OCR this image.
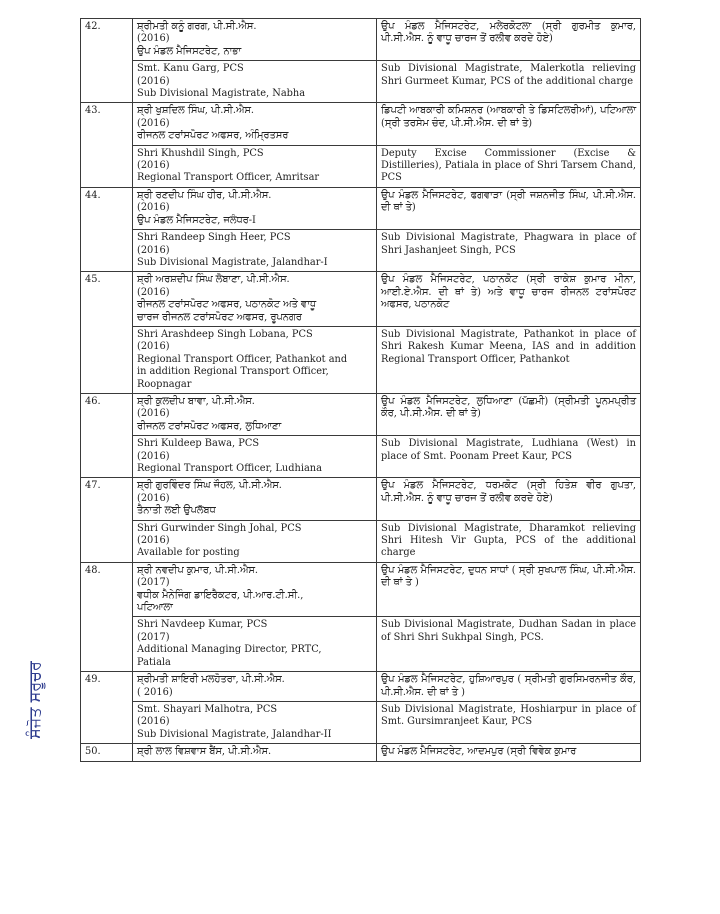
42.	ਸ਼੍ਰੀਮਤੀ ਕਨੂੰ ਗਰਗ, ਪੀ.ਸੀ.ਐਸ.
(2016)
ਉਪ ਮੰਡਲ ਮੈਜਿਸਟਰੇਟ, ਨਾਭਾ	ਉਪ ਮੰਡਲ ਮੈਜਿਸਟਰੇਟ, ਮਲੇਰਕੋਟਲਾ (ਸ੍ਰੀ ਗੁਰਮੀਤ ਕੁਮਾਰ, ਪੀ.ਸੀ.ਐਸ. ਨੂੰ ਵਾਧੂ ਚਾਰਜ ਤੋਂ ਰਲੀਵ ਕਰਦੇ ਹੋਏ)

	Smt. Kanu Garg, PCS
(2016)
Sub Divisional Magistrate, Nabha	Sub Divisional Magistrate, Malerkotla relieving Shri Gurmeet Kumar, PCS of the additional charge
43.	ਸ਼੍ਰੀ ਖੁਸ਼ਦਿਲ ਸਿੰਘ, ਪੀ.ਸੀ.ਐਸ.
(2016)
ਰੀਜਨਲ ਟਰਾਂਸਪੋਰਟ ਅਫਸਰ, ਅੰਮ੍ਰਿਤਸਰ	ਡਿਪਟੀ ਆਬਕਾਰੀ ਕਮਿਸ਼ਨਰ (ਆਬਕਾਰੀ ਤੇ ਡਿਸਟਿਲਰੀਆਂ), ਪਟਿਆਲਾ (ਸ੍ਰੀ ਤਰਸੇਮ ਚੰਦ, ਪੀ.ਸੀ.ਐਸ. ਦੀ ਥਾਂ ਤੇ)

	Shri Khushdil Singh, PCS
(2016)
Regional Transport Officer, Amritsar	Deputy Excise Commissioner (Excise & Distilleries), Patiala in place of Shri Tarsem Chand, PCS
44.	ਸ਼੍ਰੀ ਰਣਦੀਪ ਸਿੰਘ ਹੀਰ, ਪੀ.ਸੀ.ਐਸ.
(2016)
ਉਪ ਮੰਡਲ ਮੈਜਿਸਟਰੇਟ, ਜਲੰਧਰ-I	ਉਪ ਮੰਡਲ ਮੈਜਿਸਟਰੇਟ, ਫਗਵਾੜਾ (ਸ੍ਰੀ ਜਸ਼ਨਜੀਤ ਸਿੰਘ, ਪੀ.ਸੀ.ਐਸ. ਦੀ ਥਾਂ ਤੇ)

	Shri Randeep Singh Heer, PCS
(2016)
Sub Divisional Magistrate, Jalandhar-I	Sub Divisional Magistrate, Phagwara in place of Shri Jashanjeet Singh, PCS
45.	ਸ਼੍ਰੀ ਅਰਸ਼ਦੀਪ ਸਿੰਘ ਲੋਬਾਣਾ, ਪੀ.ਸੀ.ਐਸ.
(2016)
ਰੀਜਨਲ ਟਰਾਂਸਪੋਰਟ ਅਫਸਰ, ਪਠਾਨਕੋਟ ਅਤੇ ਵਾਧੂ
ਚਾਰਜ ਰੀਜਨਲ ਟਰਾਂਸਪੋਰਟ ਅਫਸਰ, ਰੂਪਨਗਰ	ਉਪ ਮੰਡਲ ਮੈਜਿਸਟਰੇਟ, ਪਠਾਨਕੋਟ (ਸ੍ਰੀ ਰਾਕੇਸ਼ ਕੁਮਾਰ ਮੀਨਾ, ਆਈ.ਏ.ਐਸ. ਦੀ ਥਾਂ ਤੇ) ਅਤੇ ਵਾਧੂ ਚਾਰਜ ਰੀਜਨਲ ਟਰਾਂਸਪੋਰਟ ਅਫਸਰ, ਪਠਾਨਕੋਟ

	Shri Arashdeep Singh Lobana, PCS
(2016)
Regional Transport Officer, Pathankot and
in addition Regional Transport Officer,
Roopnagar	Sub Divisional Magistrate, Pathankot in place of Shri Rakesh Kumar Meena, IAS and in addition Regional Transport Officer, Pathankot
46.	ਸ਼੍ਰੀ ਕੁਲਦੀਪ ਬਾਵਾ, ਪੀ.ਸੀ.ਐਸ.
(2016)
ਰੀਜਨਲ ਟਰਾਂਸਪੋਰਟ ਅਫਸਰ, ਲੁਧਿਆਣਾ	ਉਪ ਮੰਡਲ ਮੈਜਿਸਟਰੇਟ, ਲੁਧਿਆਣਾ (ਪੱਛਮੀ) (ਸ੍ਰੀਮਤੀ ਪੂਨਮਪ੍ਰੀਤ ਕੌਰ, ਪੀ.ਸੀ.ਐਸ. ਦੀ ਥਾਂ ਤੇ)

	Shri Kuldeep Bawa, PCS
(2016)
Regional Transport Officer, Ludhiana	Sub Divisional Magistrate, Ludhiana (West) in place of Smt. Poonam Preet Kaur, PCS
47.	ਸ਼੍ਰੀ ਗੁਰਵਿੰਦਰ ਸਿੰਘ ਜੌਹਲ, ਪੀ.ਸੀ.ਐਸ.
(2016)
ਤੈਨਾਤੀ ਲਈ ਉਪਲੱਬਧ	ਉਪ ਮੰਡਲ ਮੈਜਿਸਟਰੇਟ, ਧਰਮਕੋਟ (ਸ੍ਰੀ ਹਿਤੇਸ਼ ਵੀਰ ਗੁਪਤਾ, ਪੀ.ਸੀ.ਐਸ. ਨੂੰ ਵਾਧੂ ਚਾਰਜ ਤੋਂ ਰਲੀਵ ਕਰਦੇ ਹੋਏ)

	Shri Gurwinder Singh Johal, PCS
(2016)
Available for posting	Sub Divisional Magistrate, Dharamkot relieving Shri Hitesh Vir Gupta, PCS of the additional charge
48.	ਸ਼੍ਰੀ ਨਵਦੀਪ ਕੁਮਾਰ, ਪੀ.ਸੀ.ਐਸ.
(2017)
ਵਧੀਕ ਮੈਨੇਜਿੰਗ ਡਾਇਰੈਕਟਰ, ਪੀ.ਆਰ.ਟੀ.ਸੀ.,
ਪਟਿਆਲਾ	ਉਪ ਮੰਡਲ ਮੈਜਿਸਟਰੇਟ, ਦੁਧਨ ਸਾਧਾਂ ( ਸ੍ਰੀ ਸੁਖਪਾਲ ਸਿੰਘ, ਪੀ.ਸੀ.ਐਸ. ਦੀ ਥਾਂ ਤੇ )

	Shri Navdeep Kumar, PCS
(2017)
Additional Managing Director, PRTC,
Patiala	Sub Divisional Magistrate, Dudhan Sadan in place of Shri Shri Sukhpal Singh, PCS.
49.	ਸ਼੍ਰੀਮਤੀ ਸ਼ਾਇਰੀ ਮਲਹੋਤਰਾ, ਪੀ.ਸੀ.ਐਸ.
( 2016)	ਉਪ ਮੰਡਲ ਮੈਜਿਸਟਰੇਟ, ਹੁਸ਼ਿਆਰਪੁਰ ( ਸ੍ਰੀਮਤੀ ਗੁਰਸਿਮਰਨਜੀਤ ਕੌਰ, ਪੀ.ਸੀ.ਐਸ. ਦੀ ਥਾਂ ਤੇ )

	Smt. Shayari Malhotra, PCS
(2016)
Sub Divisional Magistrate, Jalandhar-II	Sub Divisional Magistrate, Hoshiarpur in place of Smt. Gursimranjeet Kaur, PCS
50.	ਸ਼੍ਰੀ ਲਾਲ ਵਿਸ਼ਵਾਸ ਬੈਂਸ, ਪੀ.ਸੀ.ਐਸ.	ਉਪ ਮੰਡਲ ਮੈਜਿਸਟਰੇਟ, ਆਦਮਪੁਰ (ਸ੍ਰੀ ਵਿਵੇਕ ਕੁਮਾਰ
ਸੰਜੋਤ ਸਰੂਚਰ
